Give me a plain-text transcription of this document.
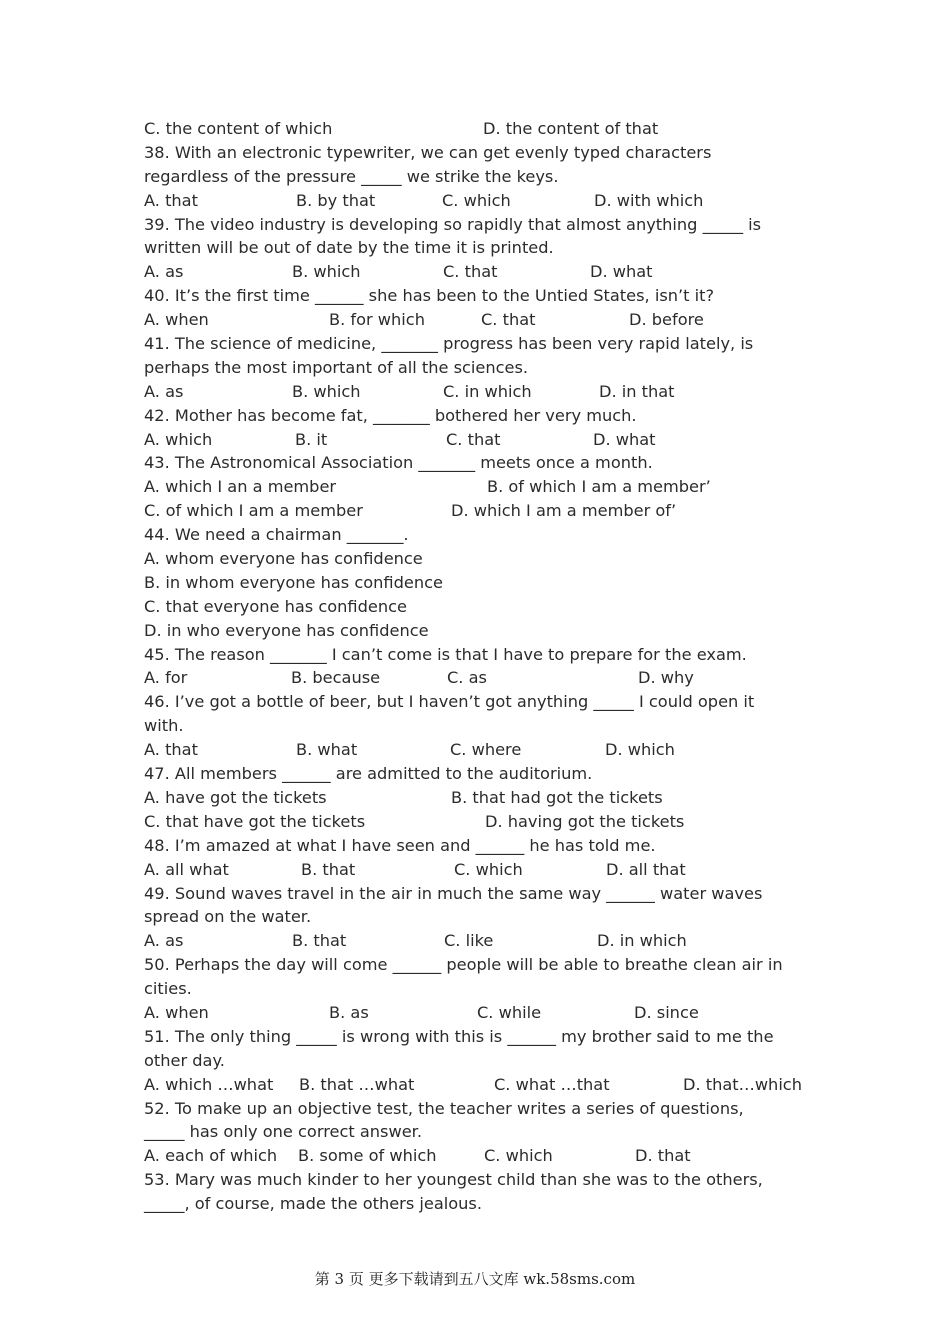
C. the content of which	D. the content of that
38. With an electronic typewriter, we can get evenly typed characters
regardless of the pressure _____ we strike the keys.
A. that	B. by that	C. which	D. with which
39. The video industry is developing so rapidly that almost anything _____ is
written will be out of date by the time it is printed.
A. as	B. which	C. that	D. what
40. It’s the first time ______ she has been to the Untied States, isn’t it?
A. when	B. for which	C. that	D. before
41. The science of medicine, _______ progress has been very rapid lately, is
perhaps the most important of all the sciences.
A. as	B. which	C. in which	D. in that
42. Mother has become fat, _______ bothered her very much.
A. which	B. it	C. that	D. what
43. The Astronomical Association _______ meets once a month.
A. which I an a member	B. of which I am a member’
C. of which I am a member	D. which I am a member of’
44. We need a chairman _______.
A. whom everyone has confidence
B. in whom everyone has confidence
C. that everyone has confidence
D. in who everyone has confidence
45. The reason _______ I can’t come is that I have to prepare for the exam.
A. for	B. because	C. as	D. why
46. I’ve got a bottle of beer, but I haven’t got anything _____ I could open it
with.
A. that	B. what	C. where	D. which
47. All members ______ are admitted to the auditorium.
A. have got the tickets	B. that had got the tickets
C. that have got the tickets	D. having got the tickets
48. I’m amazed at what I have seen and ______ he has told me.
A. all what	B. that	C. which	D. all that
49. Sound waves travel in the air in much the same way ______ water waves
spread on the water.
A. as	B. that	C. like	D. in which
50. Perhaps the day will come ______ people will be able to breathe clean air in
cities.
A. when	B. as	C. while	D. since
51. The only thing _____ is wrong with this is ______ my brother said to me the
other day.
A. which …what B. that …what	C. what …that	D. that…which
52. To make up an objective test, the teacher writes a series of questions,
_____ has only one correct answer.
A. each of which B. some of which	C. which	D. that
53. Mary was much kinder to her youngest child than she was to the others,
_____, of course, made the others jealous.
第 3 页 更多下载请到五八文库 wk.58sms.com
